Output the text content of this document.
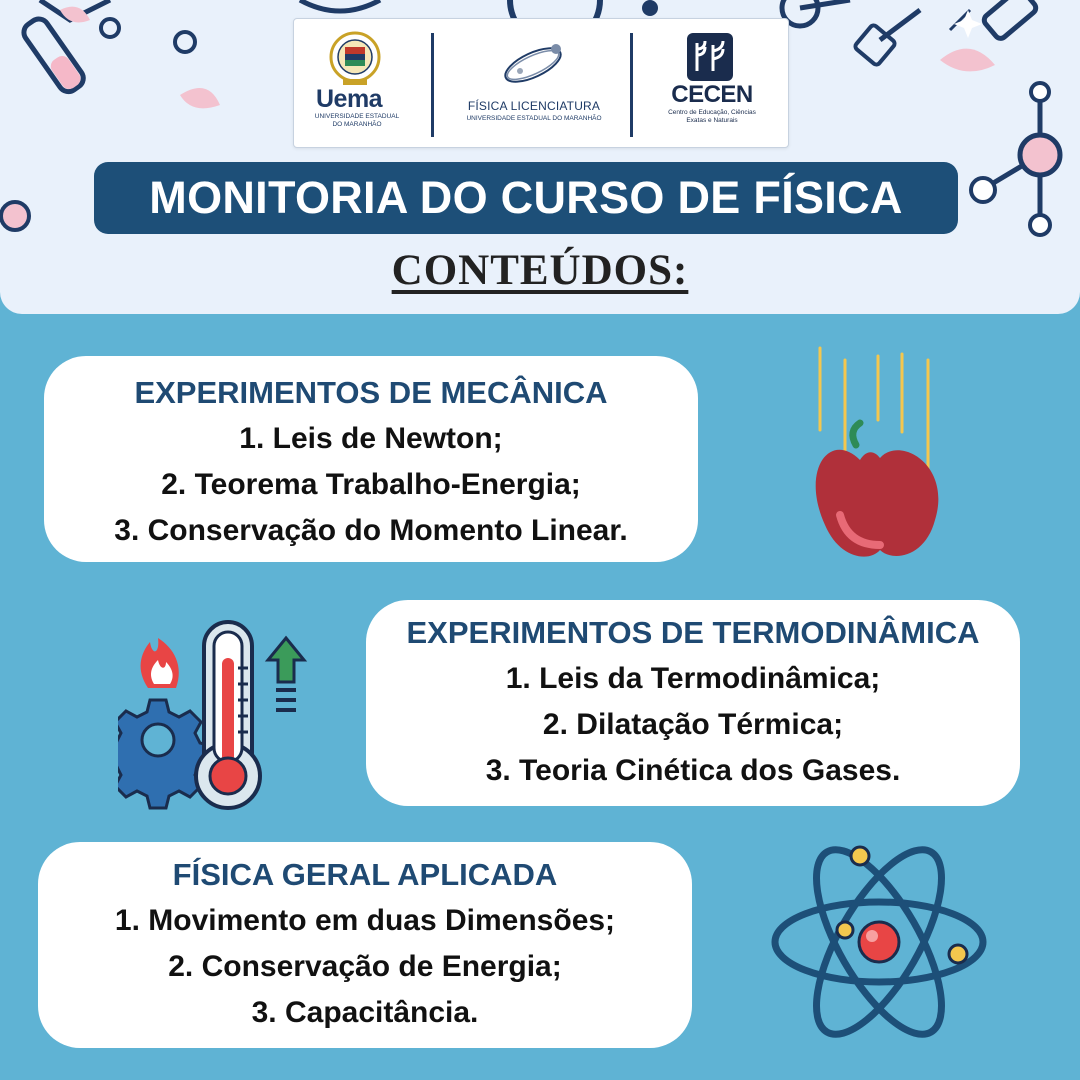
Uema
UNIVERSIDADE ESTADUAL DO MARANHÃO
FÍSICA LICENCIATURA
UNIVERSIDADE ESTADUAL DO MARANHÃO
CECEN
Centro de Educação, Ciências Exatas e Naturais
MONITORIA DO CURSO DE FÍSICA
CONTEÚDOS:
EXPERIMENTOS DE MECÂNICA
1. Leis de Newton;
2. Teorema Trabalho-Energia;
3. Conservação do Momento Linear.
EXPERIMENTOS DE TERMODINÂMICA
1. Leis da Termodinâmica;
2. Dilatação Térmica;
3. Teoria Cinética dos Gases.
FÍSICA GERAL APLICADA
1. Movimento em duas Dimensões;
2. Conservação de Energia;
3. Capacitância.
